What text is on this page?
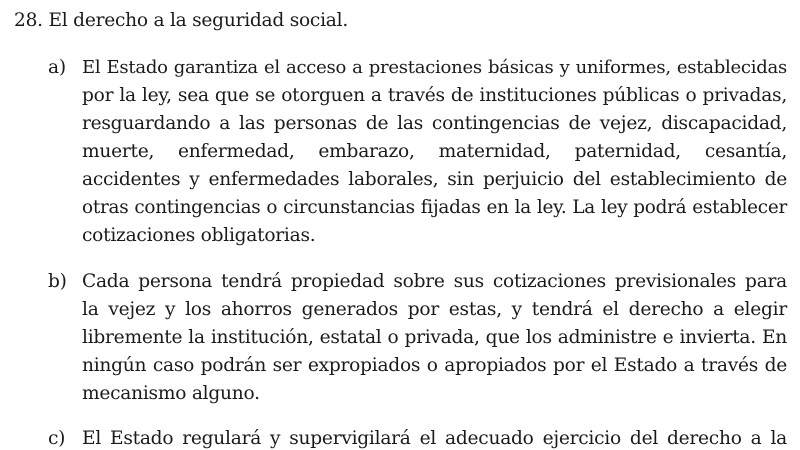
28. El derecho a la seguridad social.
a) El Estado garantiza el acceso a prestaciones básicas y uniformes, establecidas
por la ley, sea que se otorguen a través de instituciones públicas o privadas,
resguardando a las personas de las contingencias de vejez, discapacidad,
muerte, enfermedad, embarazo, maternidad, paternidad, cesantía,
accidentes y enfermedades laborales, sin perjuicio del establecimiento de
otras contingencias o circunstancias fijadas en la ley. La ley podrá establecer
cotizaciones obligatorias.
b) Cada persona tendrá propiedad sobre sus cotizaciones previsionales para
la vejez y los ahorros generados por estas, y tendrá el derecho a elegir
libremente la institución, estatal o privada, que los administre e invierta. En
ningún caso podrán ser expropiados o apropiados por el Estado a través de
mecanismo alguno.
c) El Estado regulará y supervigilará el adecuado ejercicio del derecho a la
